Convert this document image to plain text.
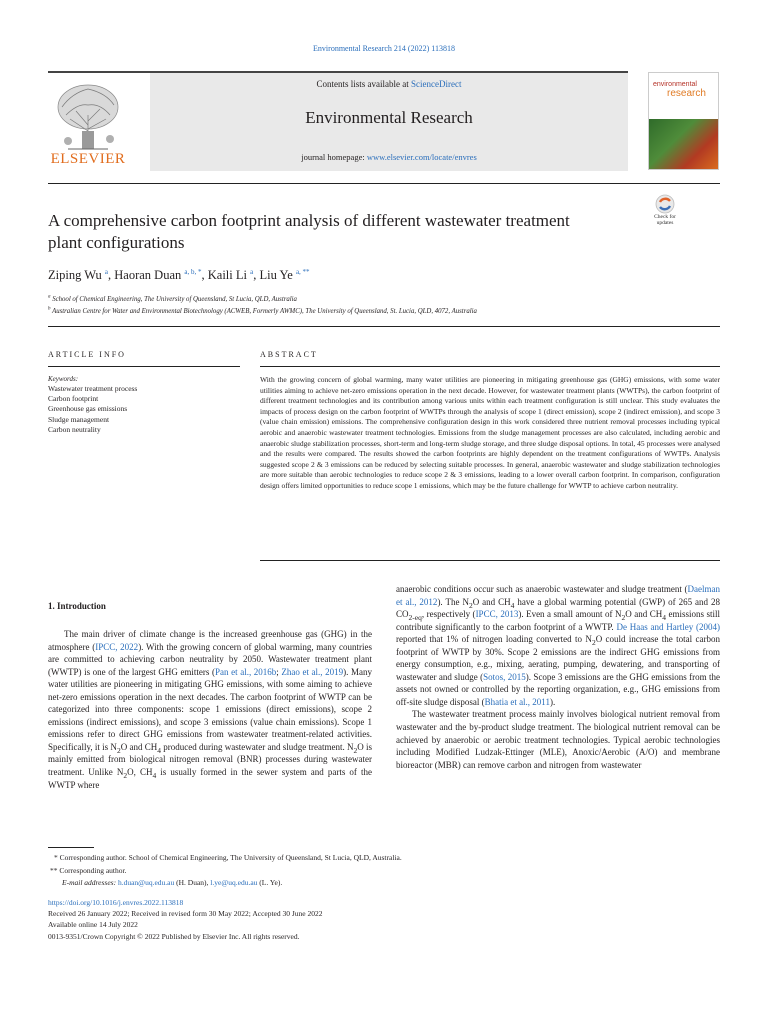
Environmental Research 214 (2022) 113818
ELSEVIER
Contents lists available at ScienceDirect
Environmental Research
journal homepage: www.elsevier.com/locate/envres
environmental
research
A comprehensive carbon footprint analysis of different wastewater treatment plant configurations
Check for
updates
Ziping Wu $^a$, Haoran Duan $^{a, b, *}$, Kaili Li $^a$, Liu Ye $^{a, **}$
$^a$ School of Chemical Engineering, The University of Queensland, St Lucia, QLD, Australia
$^b$ Australian Centre for Water and Environmental Biotechnology (ACWEB, Formerly AWMC), The University of Queensland, St. Lucia, QLD, 4072, Australia
ARTICLE INFO	ABSTRACT
Keywords:
Wastewater treatment process
Carbon footprint
Greenhouse gas emissions
Sludge management
Carbon neutrality
With the growing concern of global warming, many water utilities are pioneering in mitigating greenhouse gas (GHG) emissions, with some water utilities aiming to achieve net-zero emissions operation in the next decade. However, for wastewater treatment plants (WWTPs), the carbon footprint of different treatment technologies and its contribution among various units within each treatment configuration is still unclear. This study evaluates the impacts of process design on the carbon footprint of WWTPs through the analysis of scope 1 (direct emission), scope 2 (indirect emission), and scope 3 (value chain emission) emissions. The comprehensive configuration design in this work considered three nutrient removal processes including typical aerobic and anaerobic wastewater treatment technologies. Emissions from the sludge management processes are also calculated, including aerobic and anaerobic sludge stabilization processes, short-term and long-term sludge storage, and three sludge disposal options. In total, 45 processes were analysed and the results were compared. The results showed the carbon footprints are highly dependent on the treatment configurations of WWTPs. Analysis suggested scope 2 & 3 emissions can be reduced by selecting suitable processes. In general, anaerobic wastewater and sludge stabilization technologies are more suitable than aerobic technologies to reduce scope 2 & 3 emissions, leading to a lower overall carbon footprint. In comparison, configuration design offers limited opportunities to reduce scope 1 emissions, which may be the future challenge for WWTP to achieve carbon neutrality.
1. Introduction

The main driver of climate change is the increased greenhouse gas (GHG) in the atmosphere (IPCC, 2022). With the growing concern of global warming, many countries are committed to achieving carbon neutrality by 2050. Wastewater treatment plant (WWTP) is one of the largest GHG emitters (Pan et al., 2016b; Zhao et al., 2019). Many water utilities are pioneering in mitigating GHG emissions, with some aiming to achieve net-zero emissions operation in the next decades. The carbon footprint of WWTP can be categorized into three components: scope 1 emissions (direct emissions), scope 2 emissions (indirect emissions), and scope 3 emissions (value chain emissions). Scope 1 emissions refer to direct GHG emissions from wastewater treatment-related activities. Specifically, it is $N_2O$ and $CH_4$ produced during wastewater and sludge treatment. $N_2O$ is mainly emitted from biological nitrogen removal (BNR) processes during wastewater treatment. Unlike $N_2O$, $CH_4$ is usually formed in the sewer system and parts of the WWTP where

anaerobic conditions occur such as anaerobic wastewater and sludge treatment (Daelman et al., 2012). The $N_2O$ and $CH_4$ have a global warming potential (GWP) of 265 and 28 $CO_{2-eq}$, respectively (IPCC, 2013). Even a small amount of $N_2O$ and $CH_4$ emissions still contribute significantly to the carbon footprint of a WWTP. De Haas and Hartley (2004) reported that 1% of nitrogen loading converted to $N_2O$ could increase the total carbon footprint of WWTP by 30%. Scope 2 emissions are the indirect GHG emissions from energy consumption, e.g., mixing, aerating, pumping, dewatering, and transporting of wastewater and sludge (Sotos, 2015). Scope 3 emissions are the GHG emissions from the assets not owned or controlled by the reporting organization, e.g., GHG emissions from off-site sludge disposal (Bhatia et al., 2011).

The wastewater treatment process mainly involves biological nutrient removal from wastewater and the by-product sludge treatment. The biological nutrient removal can be achieved by anaerobic or aerobic treatment technologies. Typical aerobic technologies including Modified Ludzak-Ettinger (MLE), Anoxic/Aerobic (A/O) and membrane bioreactor (MBR) can remove carbon and nitrogen from wastewater

* Corresponding author. School of Chemical Engineering, The University of Queensland, St Lucia, QLD, Australia.
** Corresponding author.
E-mail addresses: h.duan@uq.edu.au (H. Duan), l.ye@uq.edu.au (L. Ye).
https://doi.org/10.1016/j.envres.2022.113818
Received 26 January 2022; Received in revised form 30 May 2022; Accepted 30 June 2022
Available online 14 July 2022
0013-9351/Crown Copyright © 2022 Published by Elsevier Inc. All rights reserved.
